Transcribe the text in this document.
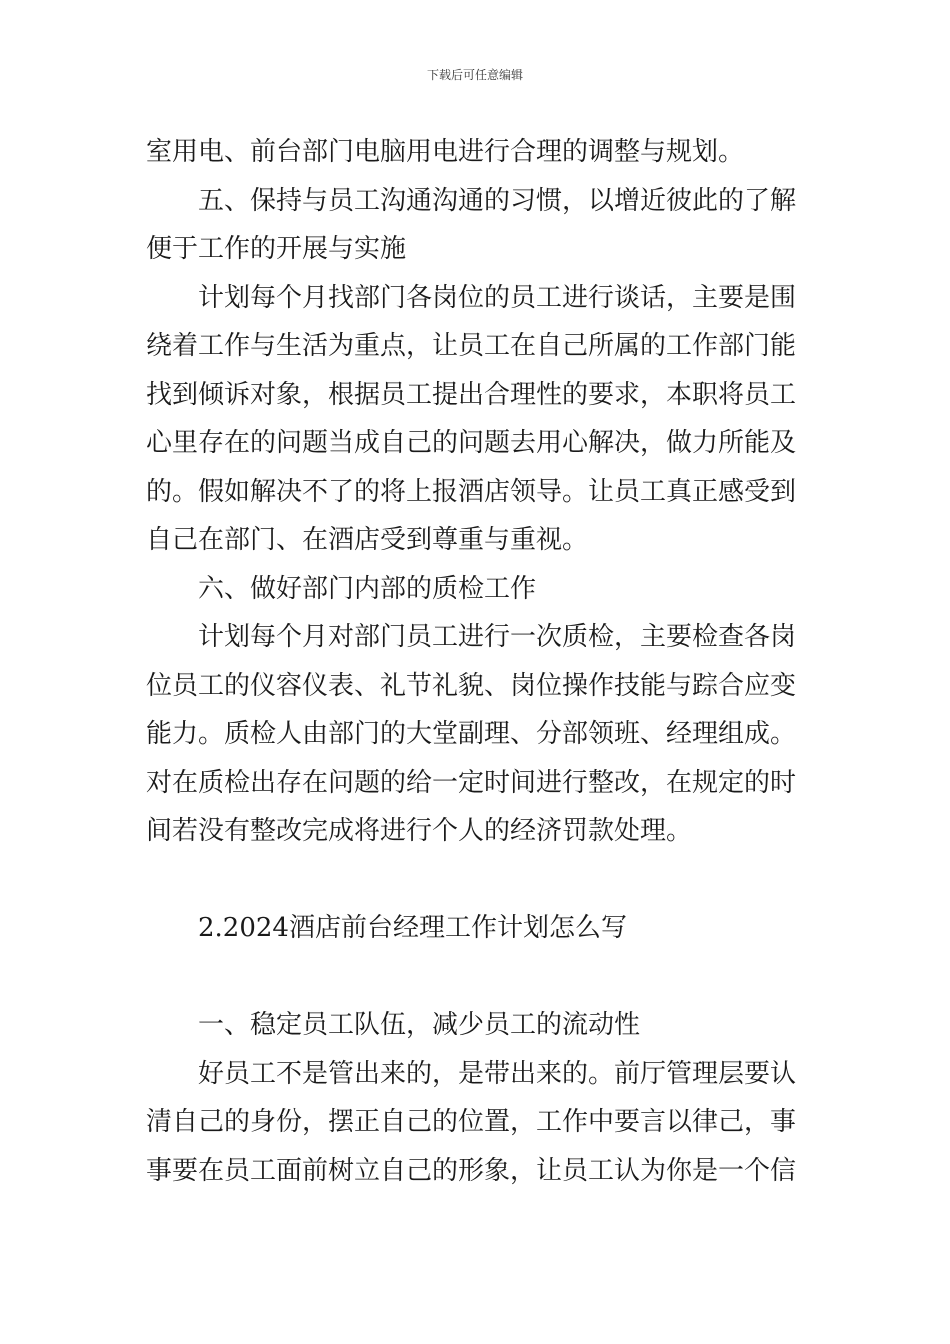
下载后可任意编辑
室用电、前台部门电脑用电进行合理的调整与规划。
五、保持与员工沟通沟通的习惯，以增近彼此的了解
便于工作的开展与实施
计划每个月找部门各岗位的员工进行谈话，主要是围
绕着工作与生活为重点，让员工在自己所属的工作部门能
找到倾诉对象，根据员工提出合理性的要求，本职将员工
心里存在的问题当成自己的问题去用心解决，做力所能及
的。假如解决不了的将上报酒店领导。让员工真正感受到
自己在部门、在酒店受到尊重与重视。
六、做好部门内部的质检工作
计划每个月对部门员工进行一次质检，主要检查各岗
位员工的仪容仪表、礼节礼貌、岗位操作技能与踪合应变
能力。质检人由部门的大堂副理、分部领班、经理组成。
对在质检出存在问题的给一定时间进行整改，在规定的时
间若没有整改完成将进行个人的经济罚款处理。
2.2024酒店前台经理工作计划怎么写
一、稳定员工队伍，减少员工的流动性
好员工不是管出来的，是带出来的。前厅管理层要认
清自己的身份，摆正自己的位置，工作中要言以律己，事
事要在员工面前树立自己的形象，让员工认为你是一个信
